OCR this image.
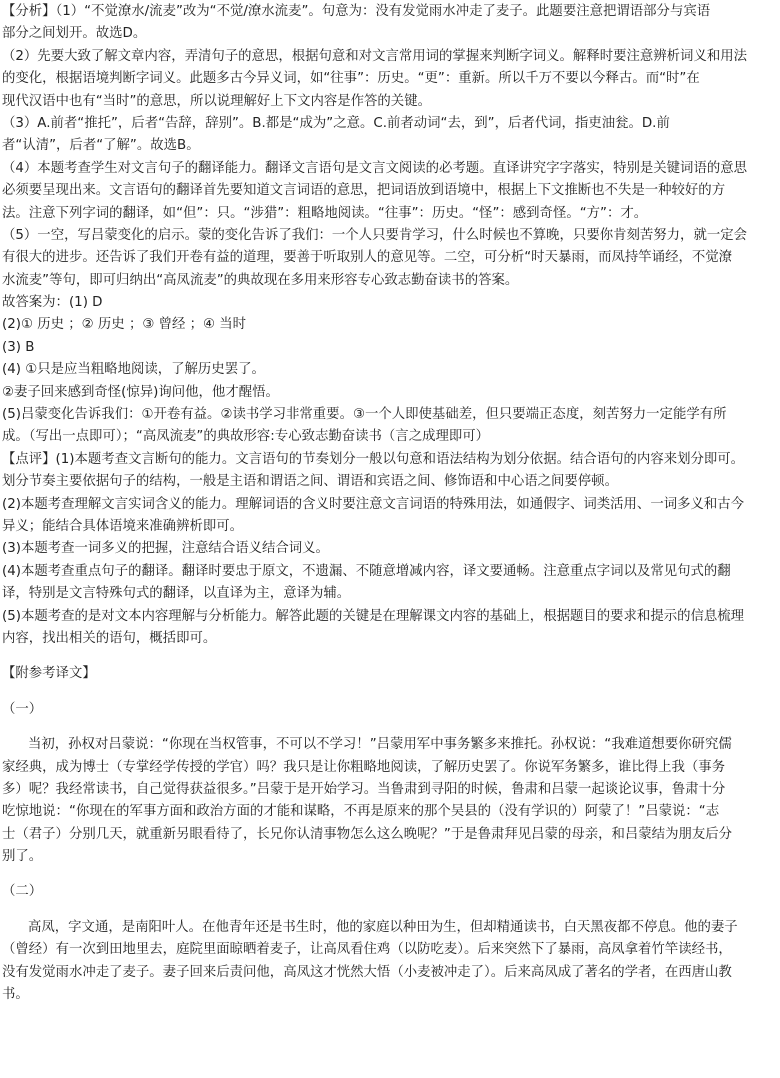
【分析】（1）“不觉潦水/流麦”改为“不觉/潦水流麦”。句意为：没有发觉雨水冲走了麦子。此题要注意把谓语部分与宾语
部分之间划开。故选D。
（2）先要大致了解文章内容，弄清句子的意思，根据句意和对文言常用词的掌握来判断字词义。解释时要注意辨析词义和用法
的变化，根据语境判断字词义。此题多古今异义词，如“往事”：历史。“更”：重新。所以千万不要以今释古。而“时”在
现代汉语中也有“当时”的意思，所以说理解好上下文内容是作答的关键。
（3）A.前者“推托”，后者“告辞，辞别”。B.都是“成为”之意。C.前者动词“去，到”，后者代词，指吏油瓮。D.前
者“认清”，后者“了解”。故选B。
（4）本题考查学生对文言句子的翻译能力。翻译文言语句是文言文阅读的必考题。直译讲究字字落实，特别是关键词语的意思
必须要呈现出来。文言语句的翻译首先要知道文言词语的意思，把词语放到语境中，根据上下文推断也不失是一种较好的方
法。注意下列字词的翻译，如“但”：只。“涉猎”：粗略地阅读。“往事”：历史。“怪”：感到奇怪。“方”：才。
（5）一空，写吕蒙变化的启示。蒙的变化告诉了我们：一个人只要肯学习，什么时候也不算晚，只要你肯刻苦努力，就一定会
有很大的进步。还告诉了我们开卷有益的道理，要善于听取别人的意见等。二空，可分析“时天暴雨，而凤持竿诵经，不觉潦
水流麦”等句，即可归纳出“高凤流麦”的典故现在多用来形容专心致志勤奋读书的答案。
故答案为：(1) D
(2)① 历史 ；② 历史 ；③ 曾经 ；④ 当时
(3) B
(4) ①只是应当粗略地阅读，了解历史罢了。
②妻子回来感到奇怪(惊异)询问他，他才醒悟。
(5)吕蒙变化告诉我们：①开卷有益。②读书学习非常重要。③一个人即使基础差，但只要端正态度，刻苦努力一定能学有所
成。（写出一点即可）；“高凤流麦”的典故形容:专心致志勤奋读书（言之成理即可）
【点评】(1)本题考查文言断句的能力。文言语句的节奏划分一般以句意和语法结构为划分依据。结合语句的内容来划分即可。
划分节奏主要依据句子的结构，一般是主语和谓语之间、谓语和宾语之间、修饰语和中心语之间要停顿。
(2)本题考查理解文言实词含义的能力。理解词语的含义时要注意文言词语的特殊用法，如通假字、词类活用、一词多义和古今
异义；能结合具体语境来准确辨析即可。
(3)本题考查一词多义的把握，注意结合语义结合词义。
(4)本题考查重点句子的翻译。翻译时要忠于原文，不遗漏、不随意增减内容，译文要通畅。注意重点字词以及常见句式的翻
译，特别是文言特殊句式的翻译，以直译为主，意译为辅。
(5)本题考查的是对文本内容理解与分析能力。解答此题的关键是在理解课文内容的基础上，根据题目的要求和提示的信息梳理
内容，找出相关的语句，概括即可。
【附参考译文】
（一）
当初，孙权对吕蒙说：“你现在当权管事，不可以不学习！”吕蒙用军中事务繁多来推托。孙权说：“我难道想要你研究儒
家经典，成为博士（专掌经学传授的学官）吗？我只是让你粗略地阅读，了解历史罢了。你说军务繁多，谁比得上我（事务
多）呢？我经常读书，自己觉得获益很多。”吕蒙于是开始学习。当鲁肃到寻阳的时候，鲁肃和吕蒙一起谈论议事，鲁肃十分
吃惊地说：“你现在的军事方面和政治方面的才能和谋略，不再是原来的那个吴县的（没有学识的）阿蒙了！”吕蒙说：“志
士（君子）分别几天，就重新另眼看待了，长兄你认清事物怎么这么晚呢？”于是鲁肃拜见吕蒙的母亲，和吕蒙结为朋友后分
别了。
（二）
高凤，字文通，是南阳叶人。在他青年还是书生时，他的家庭以种田为生，但却精通读书，白天黑夜都不停息。他的妻子
（曾经）有一次到田地里去，庭院里面晾晒着麦子，让高凤看住鸡（以防吃麦）。后来突然下了暴雨，高凤拿着竹竿读经书，
没有发觉雨水冲走了麦子。妻子回来后责问他，高凤这才恍然大悟（小麦被冲走了）。后来高凤成了著名的学者，在西唐山教
书。
